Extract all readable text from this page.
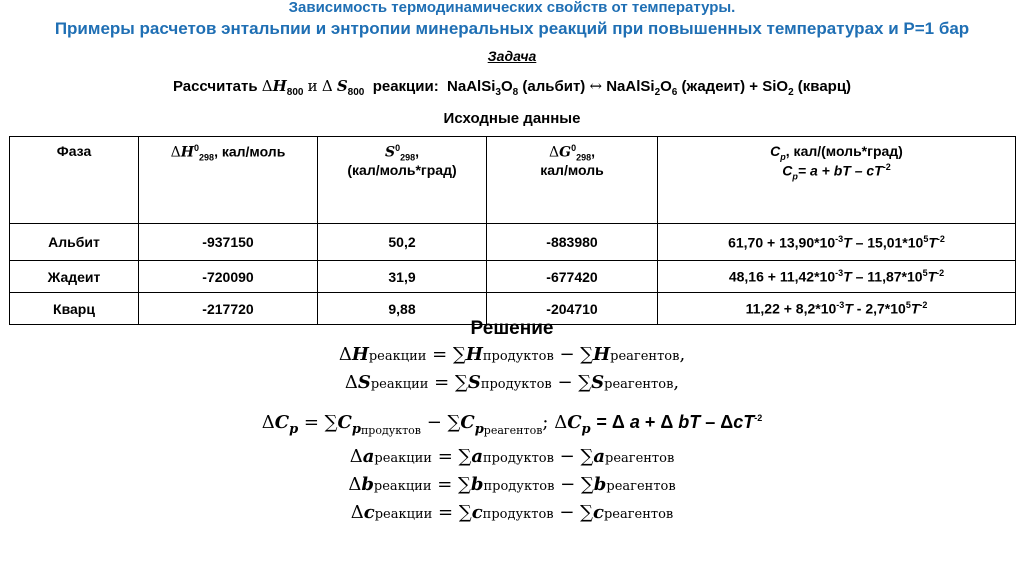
Зависимость термодинамических свойств от температуры.
Примеры расчетов энтальпии и энтропии минеральных реакций при повышенных температурах и Р=1 бар
Задача
Рассчитать $\Delta H_{800}$ и Δ $S_{800}$ реакции:  $NaAlSi_3O_8$ (альбит) ↔ $NaAlSi_2O_6$ (жадеит) + SiO$_2$ (кварц)
Исходные данные
Фаза	$\Delta H^0_{298}$, кал/моль	$S^0_{298}$,
(кал/моль*град)	$\Delta G^0_{298}$,
кал/моль	$C_p$, кал/(моль*град)
$C_p= a$ + bT – $cT^{-2}$
Альбит	-937150	50,2	-883980	$61,70 + 13,90*10^{-3}T - 15,01*10^5T^{-2}$
Жадеит	-720090	31,9	-677420	$48,16 + 11,42*10^{-3}T - 11,87*10^5T^{-2}$
Кварц	-217720	9,88	-204710	$11,22 + 8,2*10^{-3}T - 2,7*10^5T^{-2}$
Решение
ΔHреакции = ∑Hпродуктов − ∑Hреагентов,
ΔSреакции = ∑Sпродуктов − ∑Sреагентов,
$\Delta C_p = \sum C_{pпродуктов} - \sum C_{pреагентов}$; $\Delta C_p = \Delta$ a + Δ bT – ΔcT$^{-2}$
Δaреакции = ∑aпродуктов − ∑aреагентов
Δbреакции = ∑bпродуктов − ∑bреагентов
Δcреакции = ∑cпродуктов − ∑cреагентов
